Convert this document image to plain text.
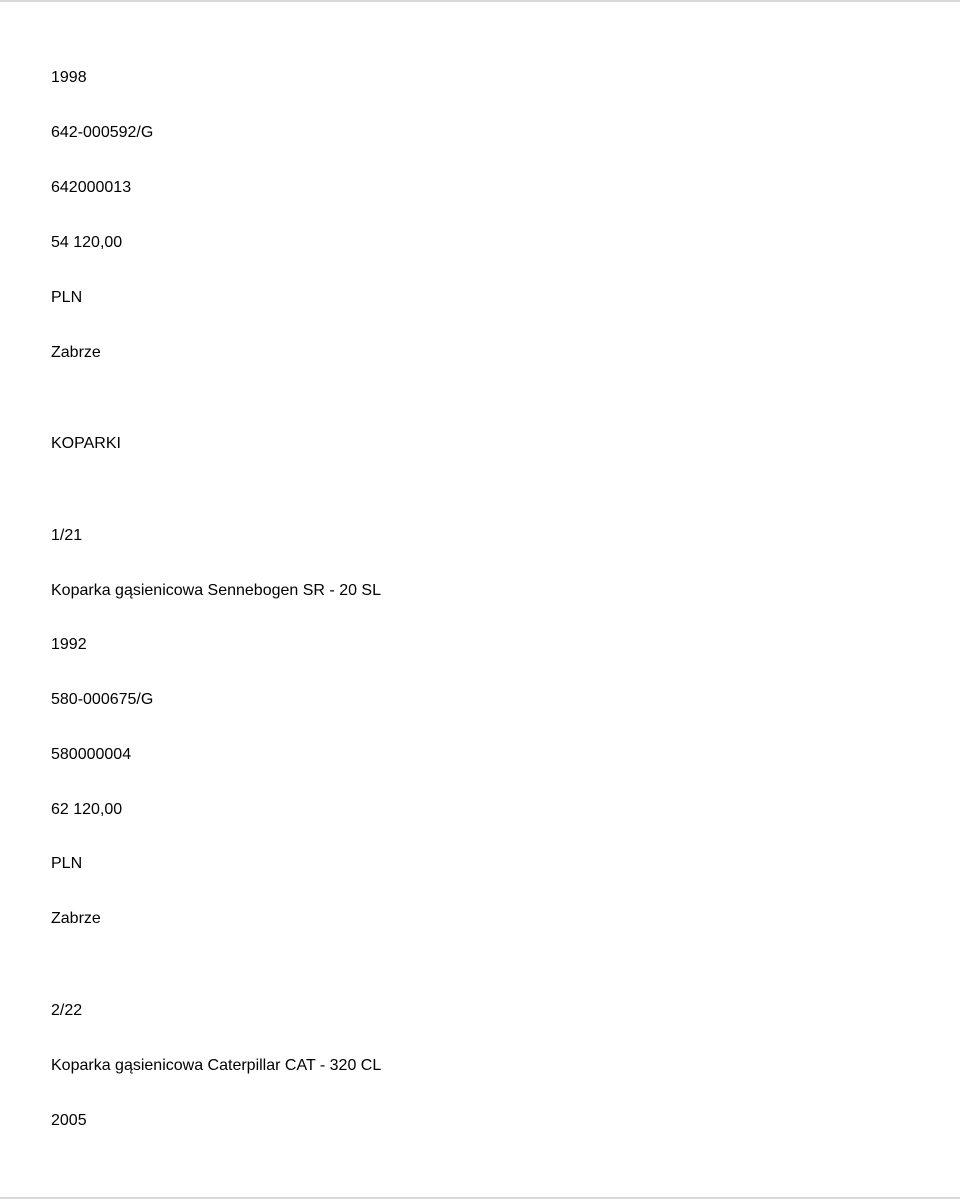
1998
642-000592/G
642000013
54 120,00
PLN
Zabrze
KOPARKI
1/21
Koparka gąsienicowa Sennebogen SR - 20 SL
1992
580-000675/G
580000004
62 120,00
PLN
Zabrze
2/22
Koparka gąsienicowa Caterpillar CAT - 320 CL
2005
